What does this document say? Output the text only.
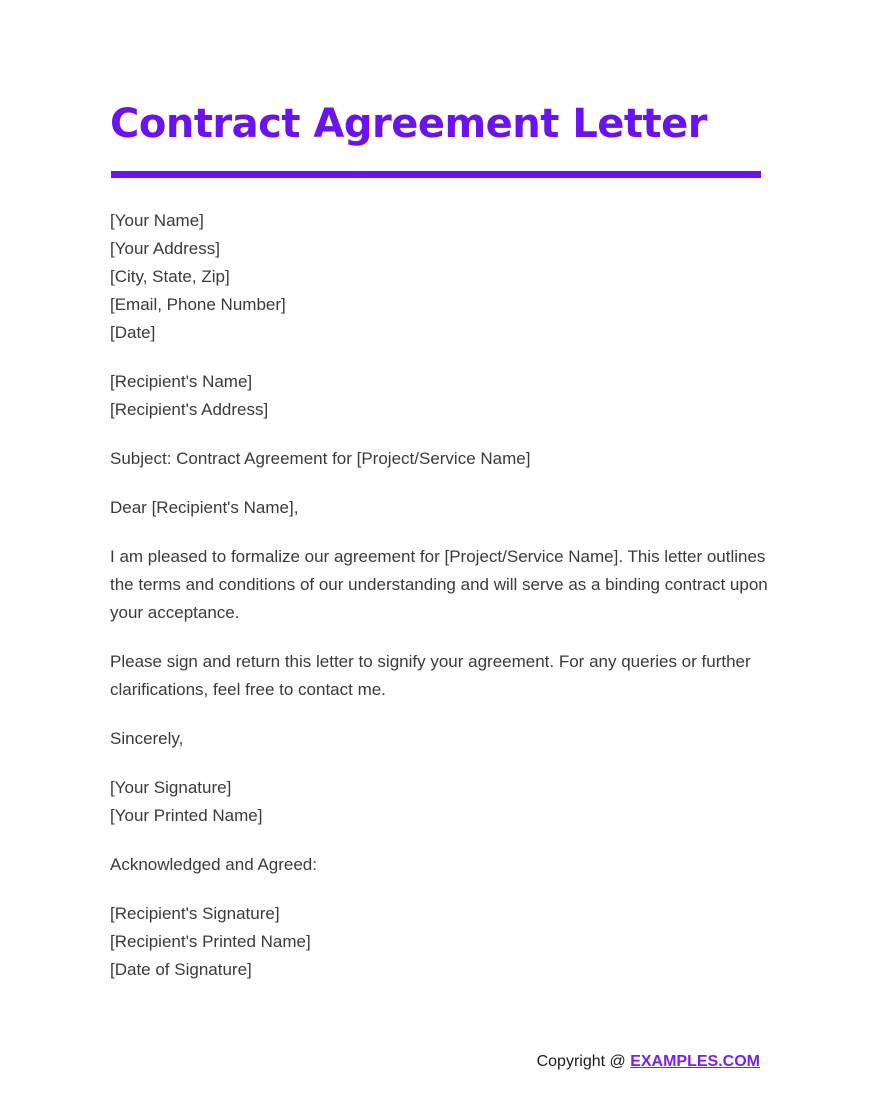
Contract Agreement Letter

[Your Name]

[Your Address]

[City, State, Zip]

[Email, Phone Number]

[Date]

[Recipient's Name]

[Recipient's Address]

Subject: Contract Agreement for [Project/Service Name]

Dear [Recipient's Name],

I am pleased to formalize our agreement for [Project/Service Name]. This letter outlines the terms and conditions of our understanding and will serve as a binding contract upon your acceptance.

Please sign and return this letter to signify your agreement. For any queries or further clarifications, feel free to contact me.

Sincerely,

[Your Signature]

[Your Printed Name]

Acknowledged and Agreed:

[Recipient's Signature]

[Recipient's Printed Name]

[Date of Signature]

Copyright @ EXAMPLES.COM
